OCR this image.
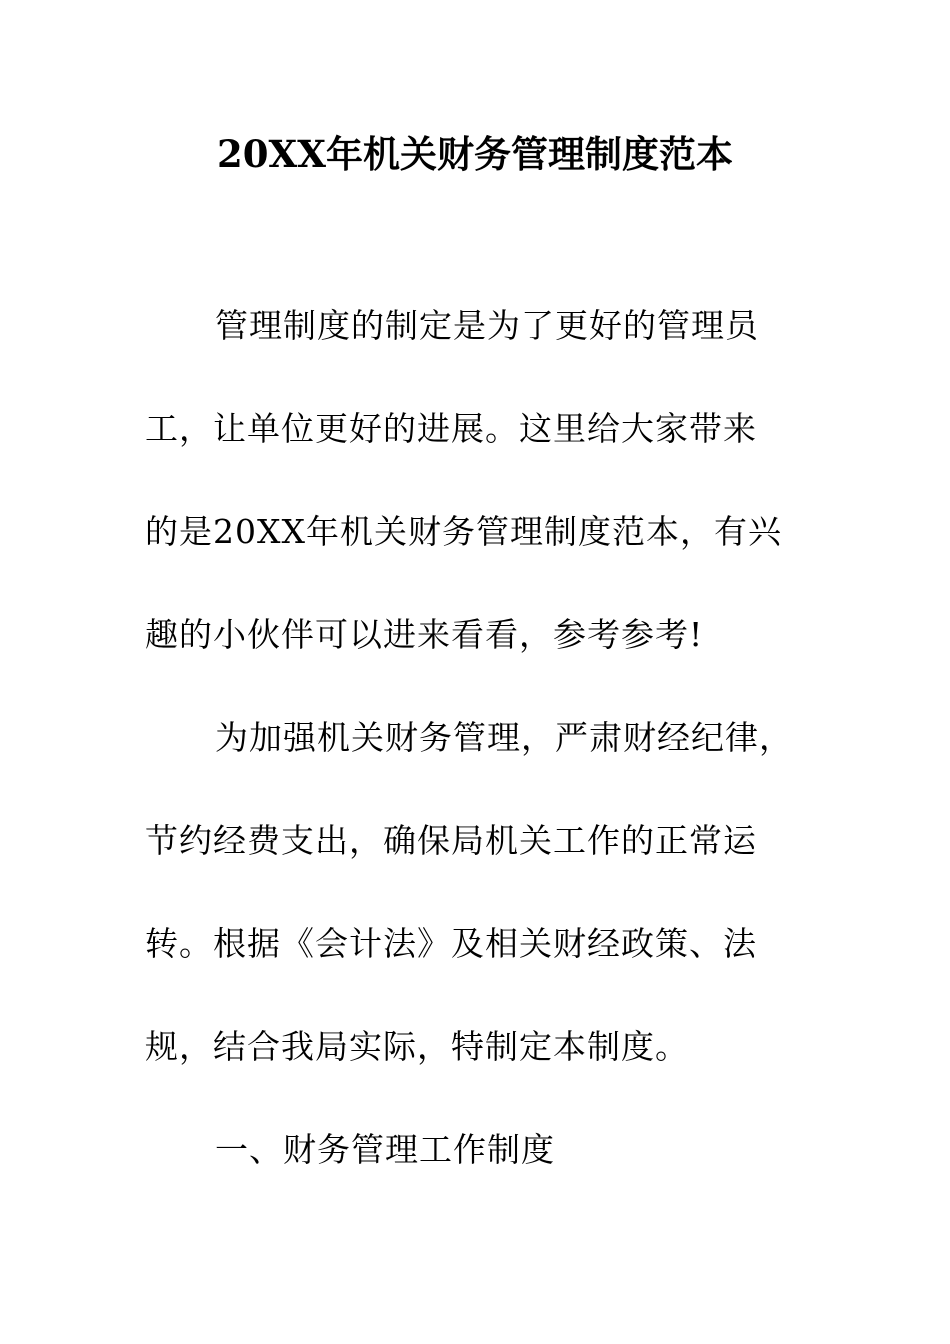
20XX年机关财务管理制度范本
管理制度的制定是为了更好的管理员
工，让单位更好的进展。这里给大家带来
的是20XX年机关财务管理制度范本，有兴
趣的小伙伴可以进来看看，参考参考!
为加强机关财务管理，严肃财经纪律，
节约经费支出，确保局机关工作的正常运
转。根据《会计法》及相关财经政策、法
规，结合我局实际，特制定本制度。
一、财务管理工作制度
